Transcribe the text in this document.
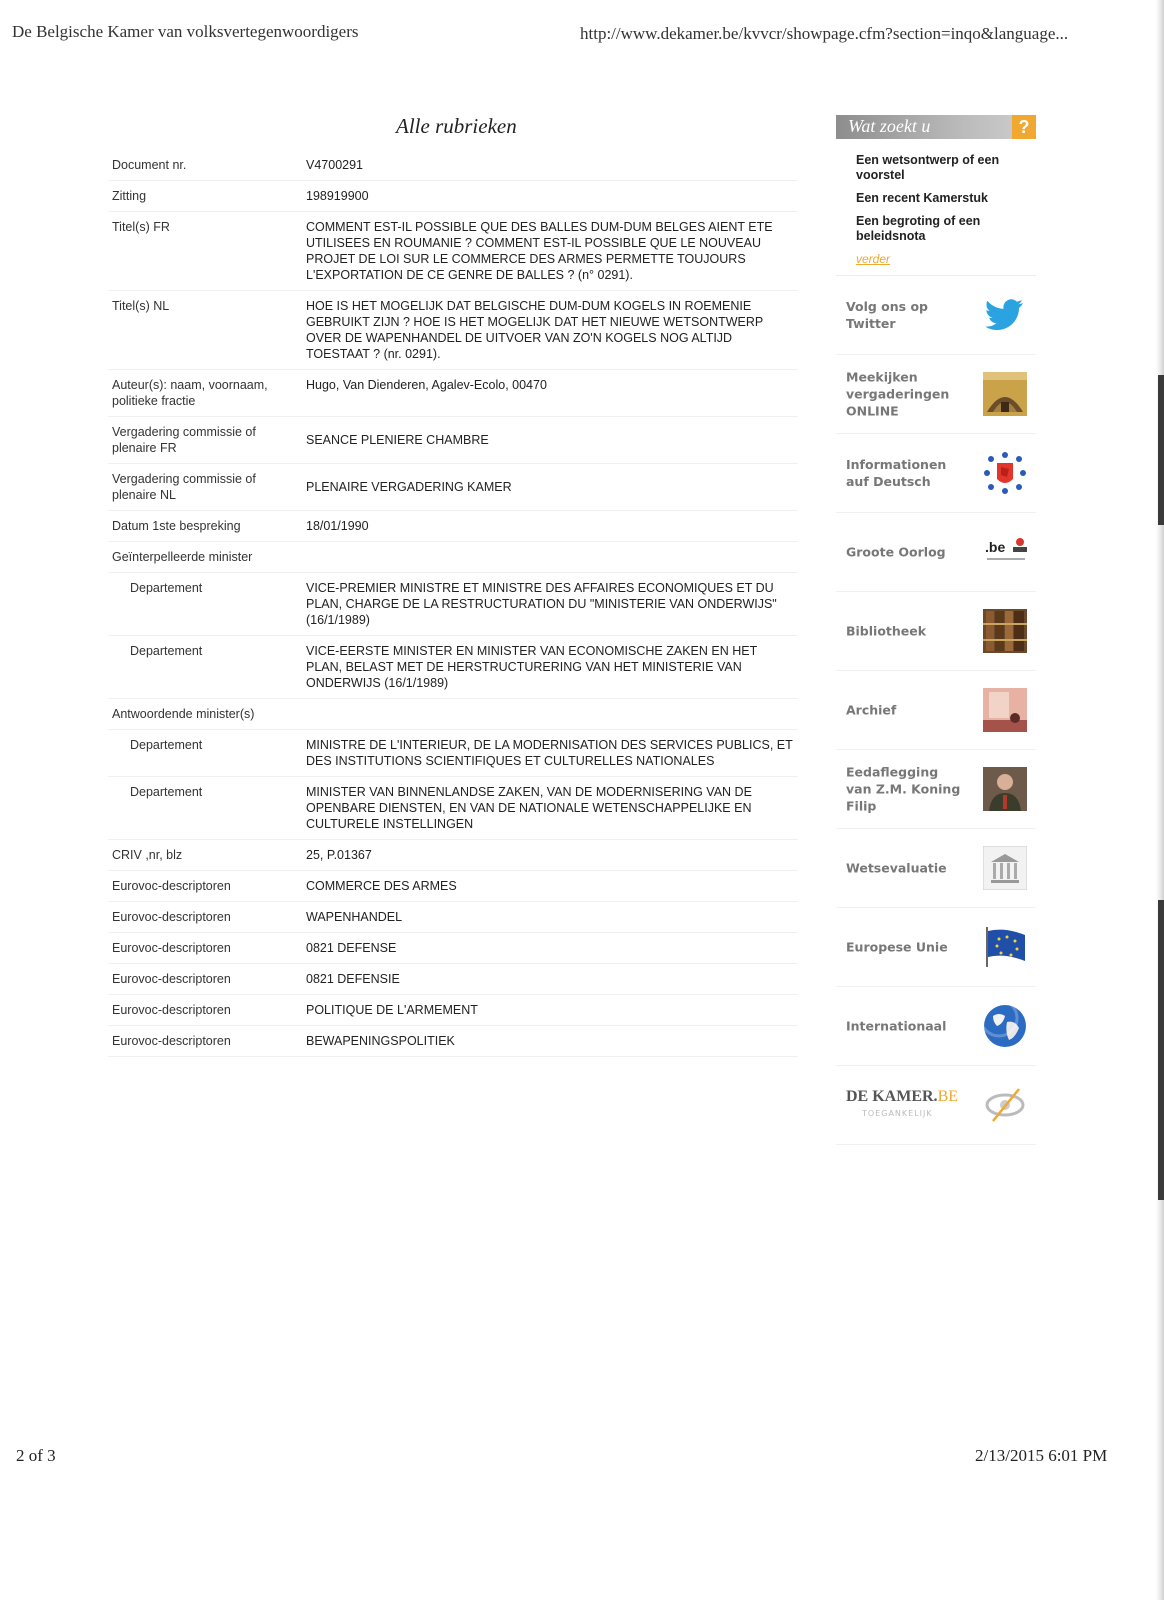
De Belgische Kamer van volksvertegenwoordigers	http://www.dekamer.be/kvvcr/showpage.cfm?section=inqo&language...
Alle rubrieken
Document nr.	V4700291
Zitting	198919900
Titel(s) FR	COMMENT EST-IL POSSIBLE QUE DES BALLES DUM-DUM BELGES AIENT ETE UTILISEES EN ROUMANIE ? COMMENT EST-IL POSSIBLE QUE LE NOUVEAU PROJET DE LOI SUR LE COMMERCE DES ARMES PERMETTE TOUJOURS L'EXPORTATION DE CE GENRE DE BALLES ? (n° 0291).
Titel(s) NL	HOE IS HET MOGELIJK DAT BELGISCHE DUM-DUM KOGELS IN ROEMENIE GEBRUIKT ZIJN ? HOE IS HET MOGELIJK DAT HET NIEUWE WETSONTWERP OVER DE WAPENHANDEL DE UITVOER VAN ZO'N KOGELS NOG ALTIJD TOESTAAT ? (nr. 0291).
Auteur(s): naam, voornaam, politieke fractie	Hugo, Van Dienderen, Agalev-Ecolo, 00470
Vergadering commissie of plenaire FR	SEANCE PLENIERE CHAMBRE
Vergadering commissie of plenaire NL	PLENAIRE VERGADERING KAMER
Datum 1ste bespreking	18/01/1990
Geïnterpelleerde minister	
Departement	VICE-PREMIER MINISTRE ET MINISTRE DES AFFAIRES ECONOMIQUES ET DU PLAN, CHARGE DE LA RESTRUCTURATION DU "MINISTERIE VAN ONDERWIJS" (16/1/1989)
Departement	VICE-EERSTE MINISTER EN MINISTER VAN ECONOMISCHE ZAKEN EN HET PLAN, BELAST MET DE HERSTRUCTURERING VAN HET MINISTERIE VAN ONDERWIJS (16/1/1989)
Antwoordende minister(s)	
Departement	MINISTRE DE L'INTERIEUR, DE LA MODERNISATION DES SERVICES PUBLICS, ET DES INSTITUTIONS SCIENTIFIQUES ET CULTURELLES NATIONALES
Departement	MINISTER VAN BINNENLANDSE ZAKEN, VAN DE MODERNISERING VAN DE OPENBARE DIENSTEN, EN VAN DE NATIONALE WETENSCHAPPELIJKE EN CULTURELE INSTELLINGEN
CRIV ,nr, blz	25, P.01367
Eurovoc-descriptoren	COMMERCE DES ARMES
Eurovoc-descriptoren	WAPENHANDEL
Eurovoc-descriptoren	0821 DEFENSE
Eurovoc-descriptoren	0821 DEFENSIE
Eurovoc-descriptoren	POLITIQUE DE L'ARMEMENT
Eurovoc-descriptoren	BEWAPENINGSPOLITIEK
Wat zoekt u	?
Een wetsontwerp of een voorstel
Een recent Kamerstuk
Een begroting of een beleidsnota
verder
Volg ons op Twitter
Meekijken vergaderingen ONLINE
Informationen auf Deutsch
Groote Oorlog	.be
Bibliotheek
Archief
Eedaflegging van Z.M. Koning Filip
Wetsevaluatie
Europese Unie
Internationaal
DE KAMER.BE
TOEGANKELIJK
2 of 3	2/13/2015 6:01 PM
